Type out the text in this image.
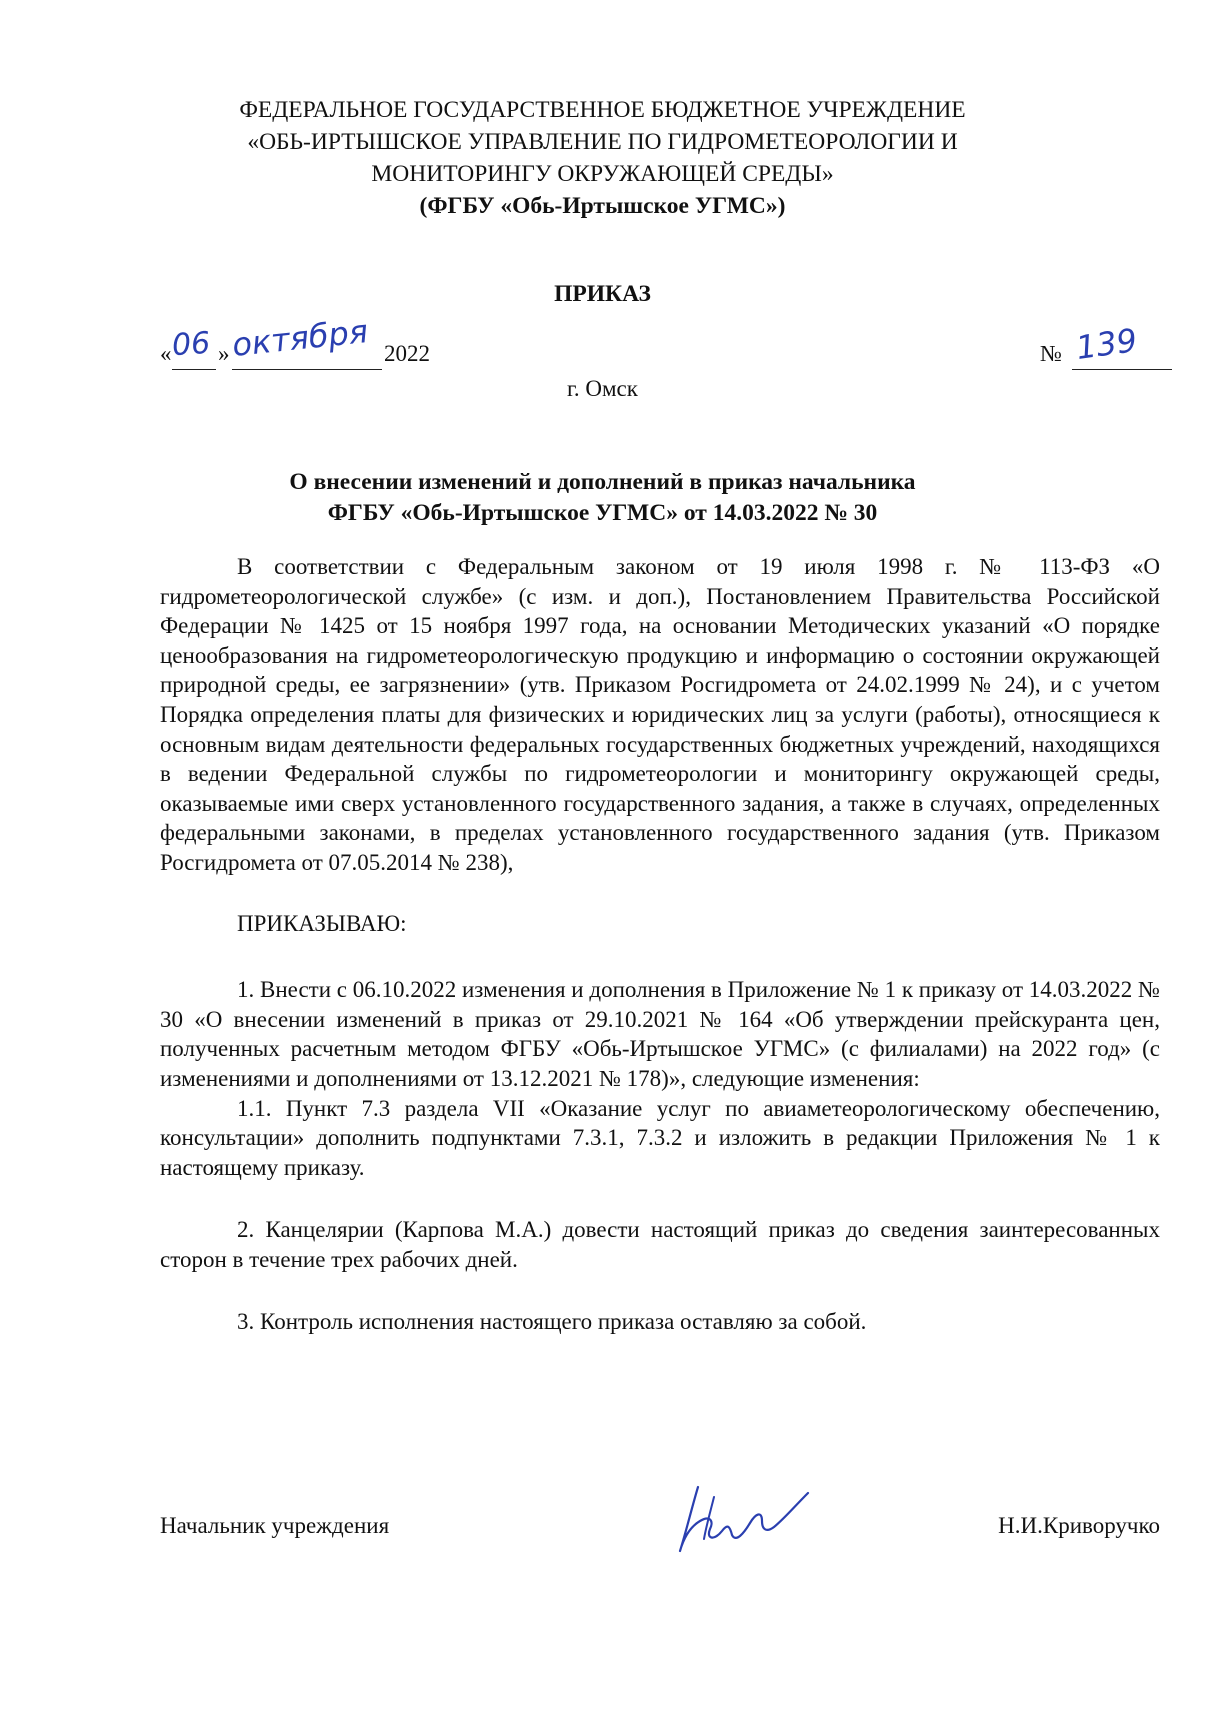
ФЕДЕРАЛЬНОЕ ГОСУДАРСТВЕННОЕ БЮДЖЕТНОЕ УЧРЕЖДЕНИЕ
«ОБЬ-ИРТЫШСКОЕ УПРАВЛЕНИЕ ПО ГИДРОМЕТЕОРОЛОГИИ И
МОНИТОРИНГУ ОКРУЖАЮЩЕЙ СРЕДЫ»
(ФГБУ «Обь-Иртышское УГМС»)
ПРИКАЗ
« 06 » октября 2022	№ 139
г. Омск
О внесении изменений и дополнений в приказ начальника
ФГБУ «Обь-Иртышское УГМС» от 14.03.2022 № 30

В соответствии с Федеральным законом от 19 июля 1998 г. № 113-ФЗ «О гидрометеорологической службе» (с изм. и доп.), Постановлением Правительства Российской Федерации № 1425 от 15 ноября 1997 года, на основании Методических указаний «О порядке ценообразования на гидрометеорологическую продукцию и информацию о состоянии окружающей природной среды, ее загрязнении» (утв. Приказом Росгидромета от 24.02.1999 № 24), и с учетом Порядка определения платы для физических и юридических лиц за услуги (работы), относящиеся к основным видам деятельности федеральных государственных бюджетных учреждений, находящихся в ведении Федеральной службы по гидрометеорологии и мониторингу окружающей среды, оказываемые ими сверх установленного государственного задания, а также в случаях, определенных федеральными законами, в пределах установленного государственного задания (утв. Приказом Росгидромета от 07.05.2014 № 238),

ПРИКАЗЫВАЮ:

1. Внести с 06.10.2022 изменения и дополнения в Приложение № 1 к приказу от 14.03.2022 № 30 «О внесении изменений в приказ от 29.10.2021 № 164 «Об утверждении прейскуранта цен, полученных расчетным методом ФГБУ «Обь-Иртышское УГМС» (с филиалами) на 2022 год» (с изменениями и дополнениями от 13.12.2021 № 178)», следующие изменения:

1.1. Пункт 7.3 раздела VII «Оказание услуг по авиаметеорологическому обеспечению, консультации» дополнить подпунктами 7.3.1, 7.3.2 и изложить в редакции Приложения № 1 к настоящему приказу.

2. Канцелярии (Карпова М.А.) довести настоящий приказ до сведения заинтересованных сторон в течение трех рабочих дней.

3. Контроль исполнения настоящего приказа оставляю за собой.

Начальник учреждения	Н.И.Криворучко
